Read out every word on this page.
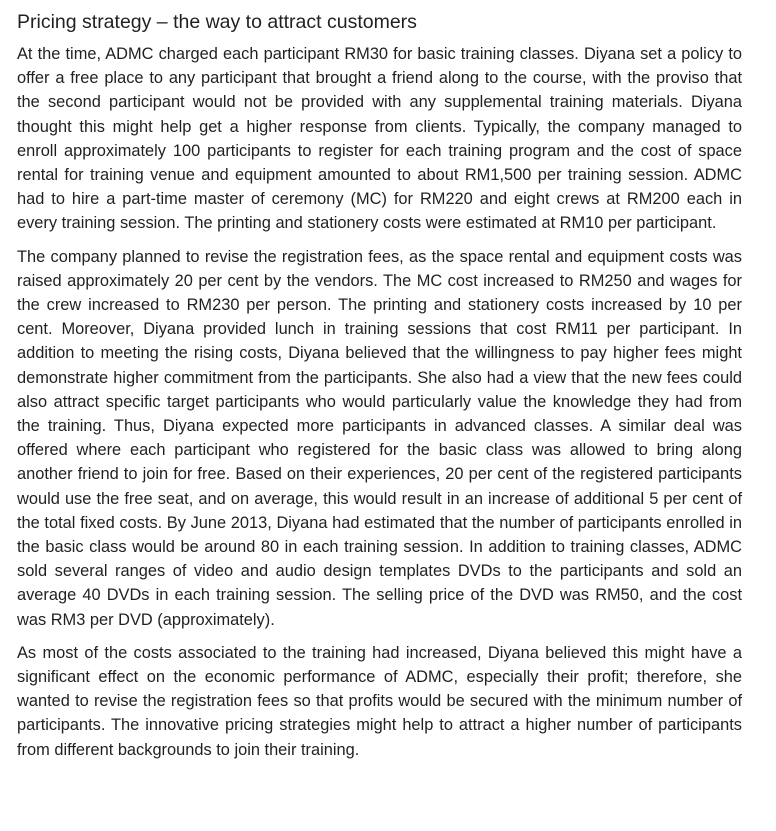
Pricing strategy – the way to attract customers

At the time, ADMC charged each participant RM30 for basic training classes. Diyana set a policy to offer a free place to any participant that brought a friend along to the course, with the proviso that the second participant would not be provided with any supplemental training materials. Diyana thought this might help get a higher response from clients. Typically, the company managed to enroll approximately 100 participants to register for each training program and the cost of space rental for training venue and equipment amounted to about RM1,500 per training session. ADMC had to hire a part-time master of ceremony (MC) for RM220 and eight crews at RM200 each in every training session. The printing and stationery costs were estimated at RM10 per participant.

The company planned to revise the registration fees, as the space rental and equipment costs was raised approximately 20 per cent by the vendors. The MC cost increased to RM250 and wages for the crew increased to RM230 per person. The printing and stationery costs increased by 10 per cent. Moreover, Diyana provided lunch in training sessions that cost RM11 per participant. In addition to meeting the rising costs, Diyana believed that the willingness to pay higher fees might demonstrate higher commitment from the participants. She also had a view that the new fees could also attract specific target participants who would particularly value the knowledge they had from the training. Thus, Diyana expected more participants in advanced classes. A similar deal was offered where each participant who registered for the basic class was allowed to bring along another friend to join for free. Based on their experiences, 20 per cent of the registered participants would use the free seat, and on average, this would result in an increase of additional 5 per cent of the total fixed costs. By June 2013, Diyana had estimated that the number of participants enrolled in the basic class would be around 80 in each training session. In addition to training classes, ADMC sold several ranges of video and audio design templates DVDs to the participants and sold an average 40 DVDs in each training session. The selling price of the DVD was RM50, and the cost was RM3 per DVD (approximately).

As most of the costs associated to the training had increased, Diyana believed this might have a significant effect on the economic performance of ADMC, especially their profit; therefore, she wanted to revise the registration fees so that profits would be secured with the minimum number of participants. The innovative pricing strategies might help to attract a higher number of participants from different backgrounds to join their training.
